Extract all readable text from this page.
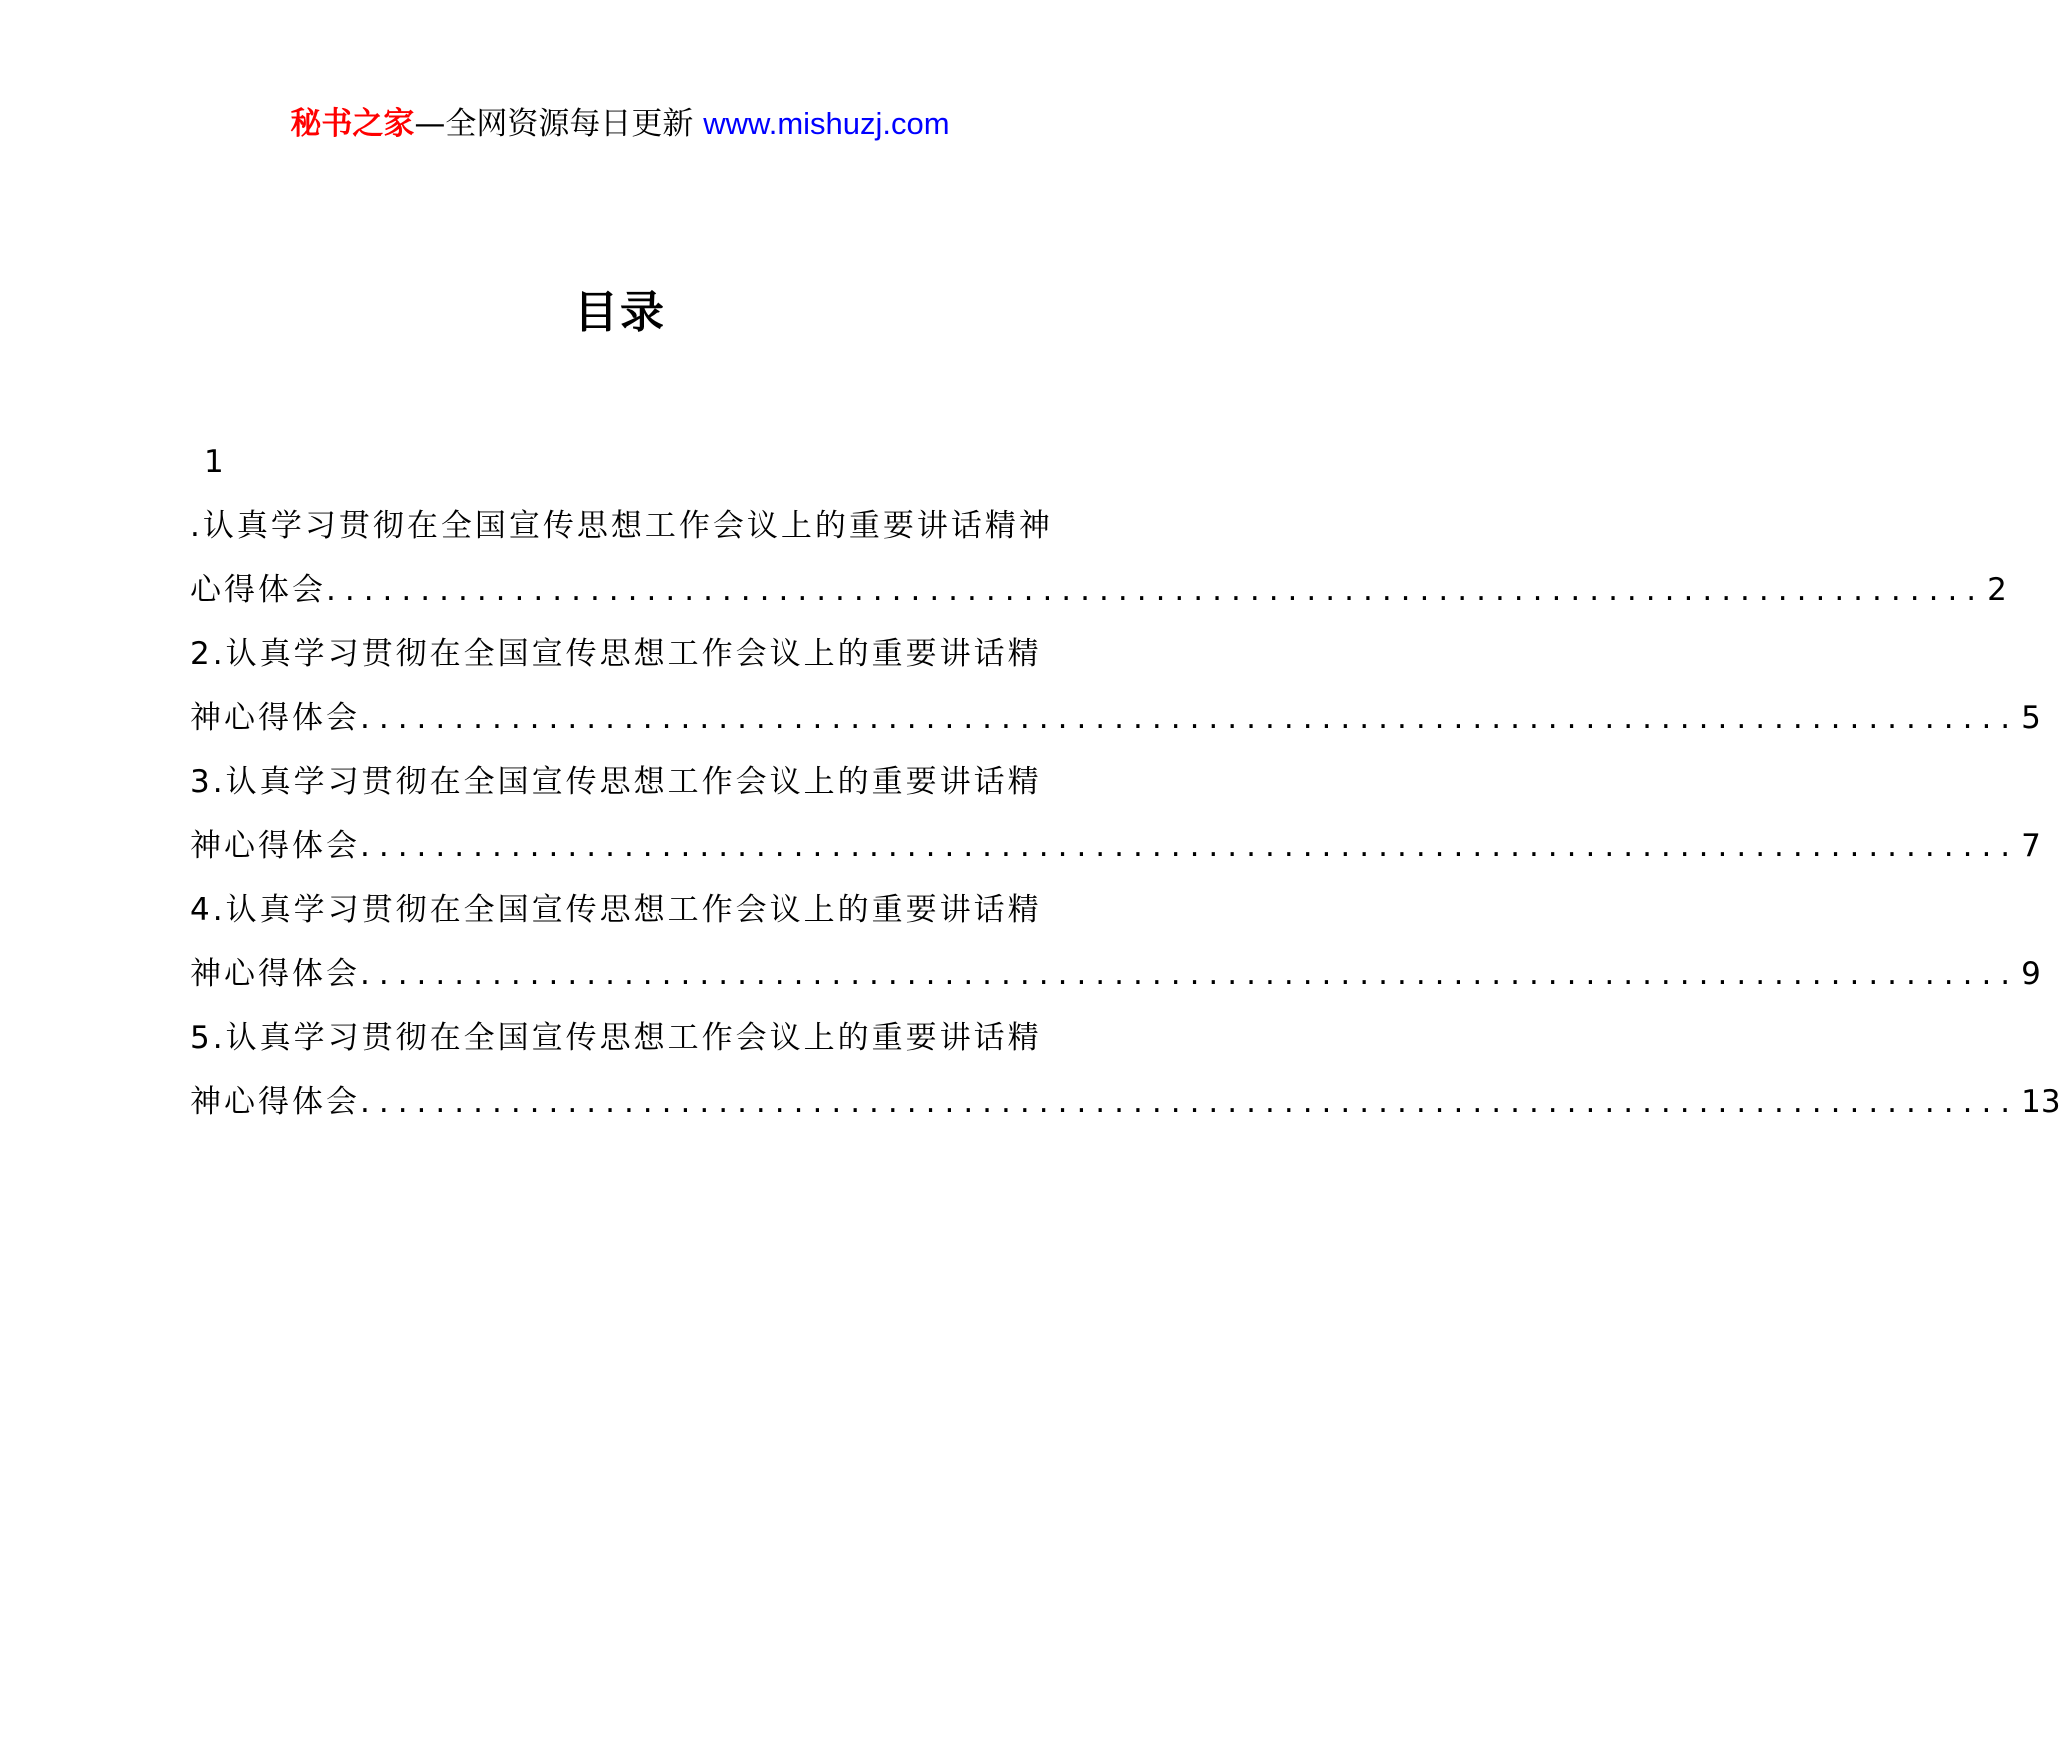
秘书之家—全网资源每日更新 www.mishuzj.com
目录
1
.认真学习贯彻在全国宣传思想工作会议上的重要讲话精神
心得体会 ........................................................................................ 2
2.认真学习贯彻在全国宣传思想工作会议上的重要讲话精
神心得体会 ........................................................................................ 5
3.认真学习贯彻在全国宣传思想工作会议上的重要讲话精
神心得体会 ........................................................................................ 7
4.认真学习贯彻在全国宣传思想工作会议上的重要讲话精
神心得体会 ........................................................................................ 9
5.认真学习贯彻在全国宣传思想工作会议上的重要讲话精
神心得体会 ........................................................................................ 13
